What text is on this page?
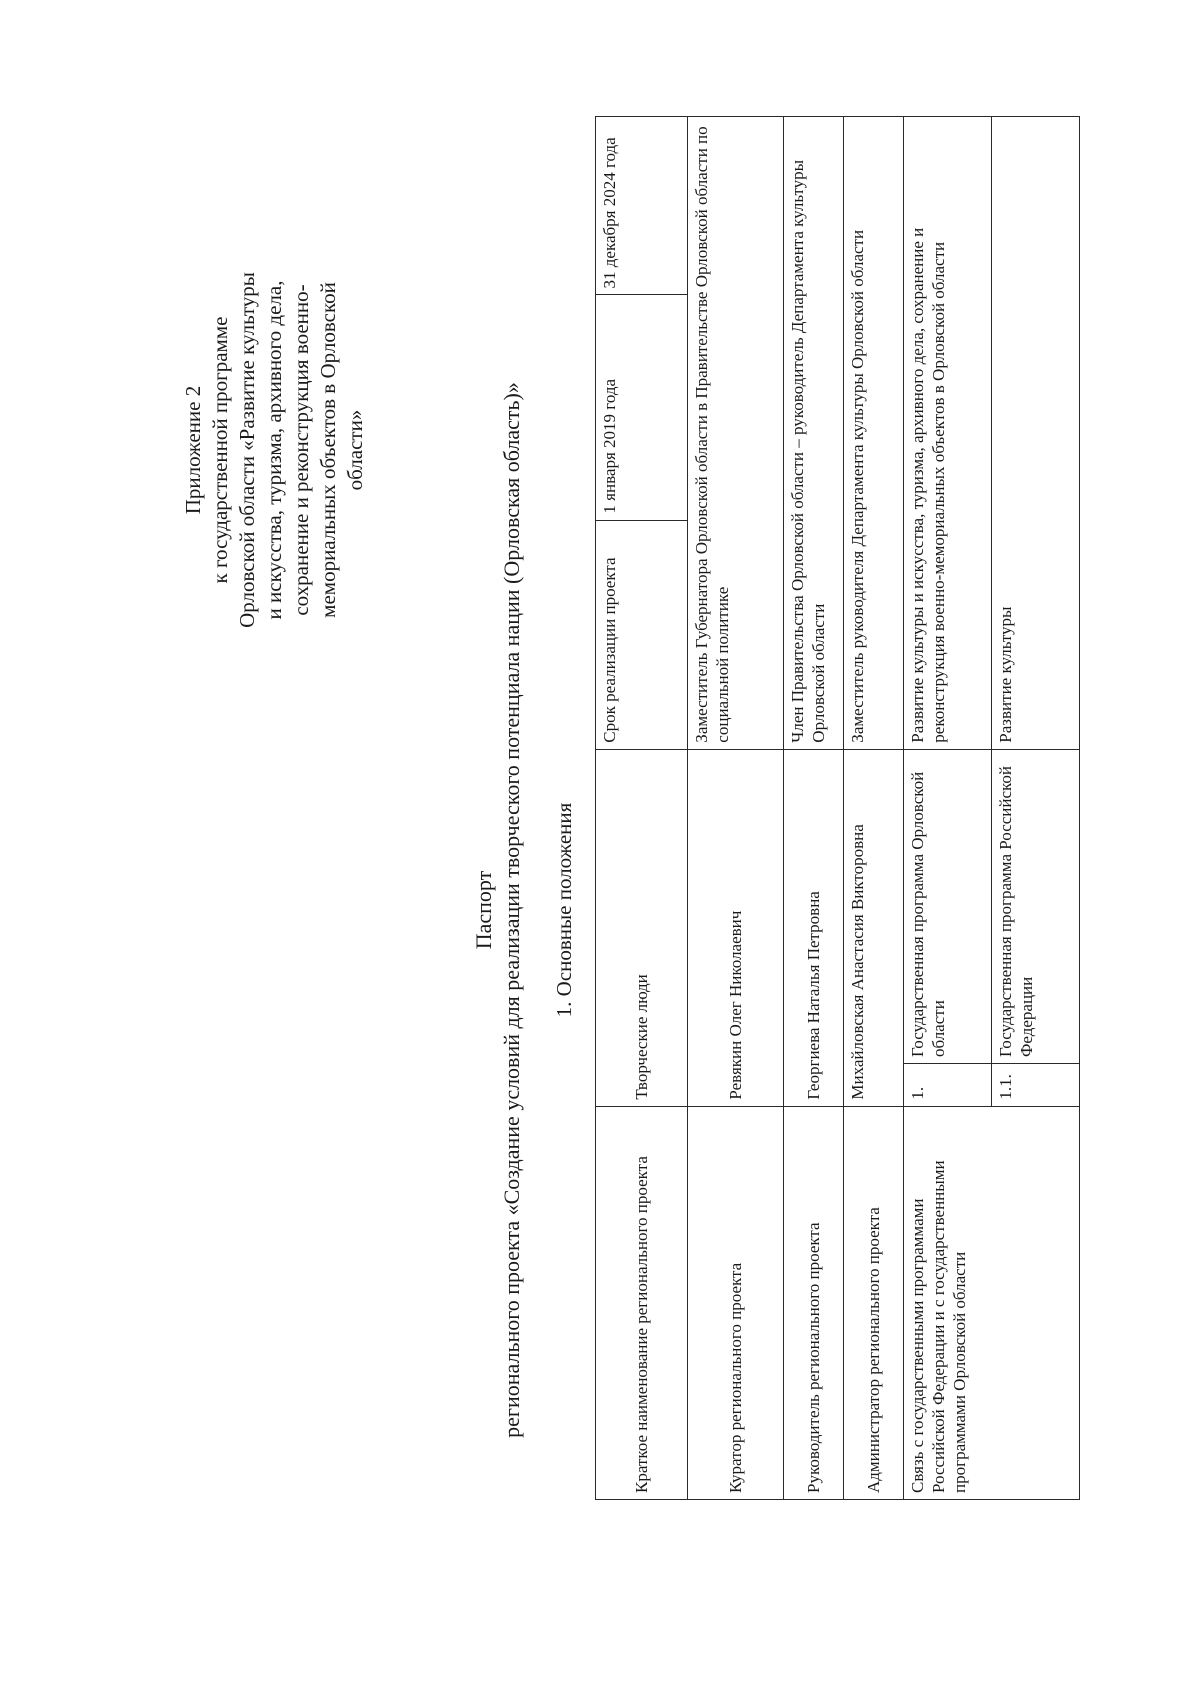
Приложение 2 к государственной программе Орловской области «Развитие культуры и искусства, туризма, архивного дела, сохранение и реконструкция военно- мемориальных объектов в Орловской области»
Паспорт регионального проекта «Создание условий для реализации творческого потенциала нации (Орловская область)» 1. Основные положения
Краткое наименование регионального проекта	Творческие люди		Срок реализации проекта	1 января 2019 года	31 декабря 2024 года
Куратор регионального проекта	Ревякин Олег Николаевич		Заместитель Губернатора Орловской области в Правительстве Орловской области по социальной политике		
Руководитель регионального проекта	Георгиева Наталья Петровна		Член Правительства Орловской области – руководитель Департамента культуры Орловской области		
Администратор регионального проекта	Михайловская Анастасия Викторовна		Заместитель руководителя Департамента культуры Орловской области		
Связь с государственными программами Российской Федерации и с государственными программами Орловской области	1.	Государственная программа Орловской области	Развитие культуры и искусства, туризма, архивного дела, сохранение и реконструкция военно-мемориальных объектов в Орловской области		
	1.1.	Государственная программа Российской Федерации	Развитие культуры		
